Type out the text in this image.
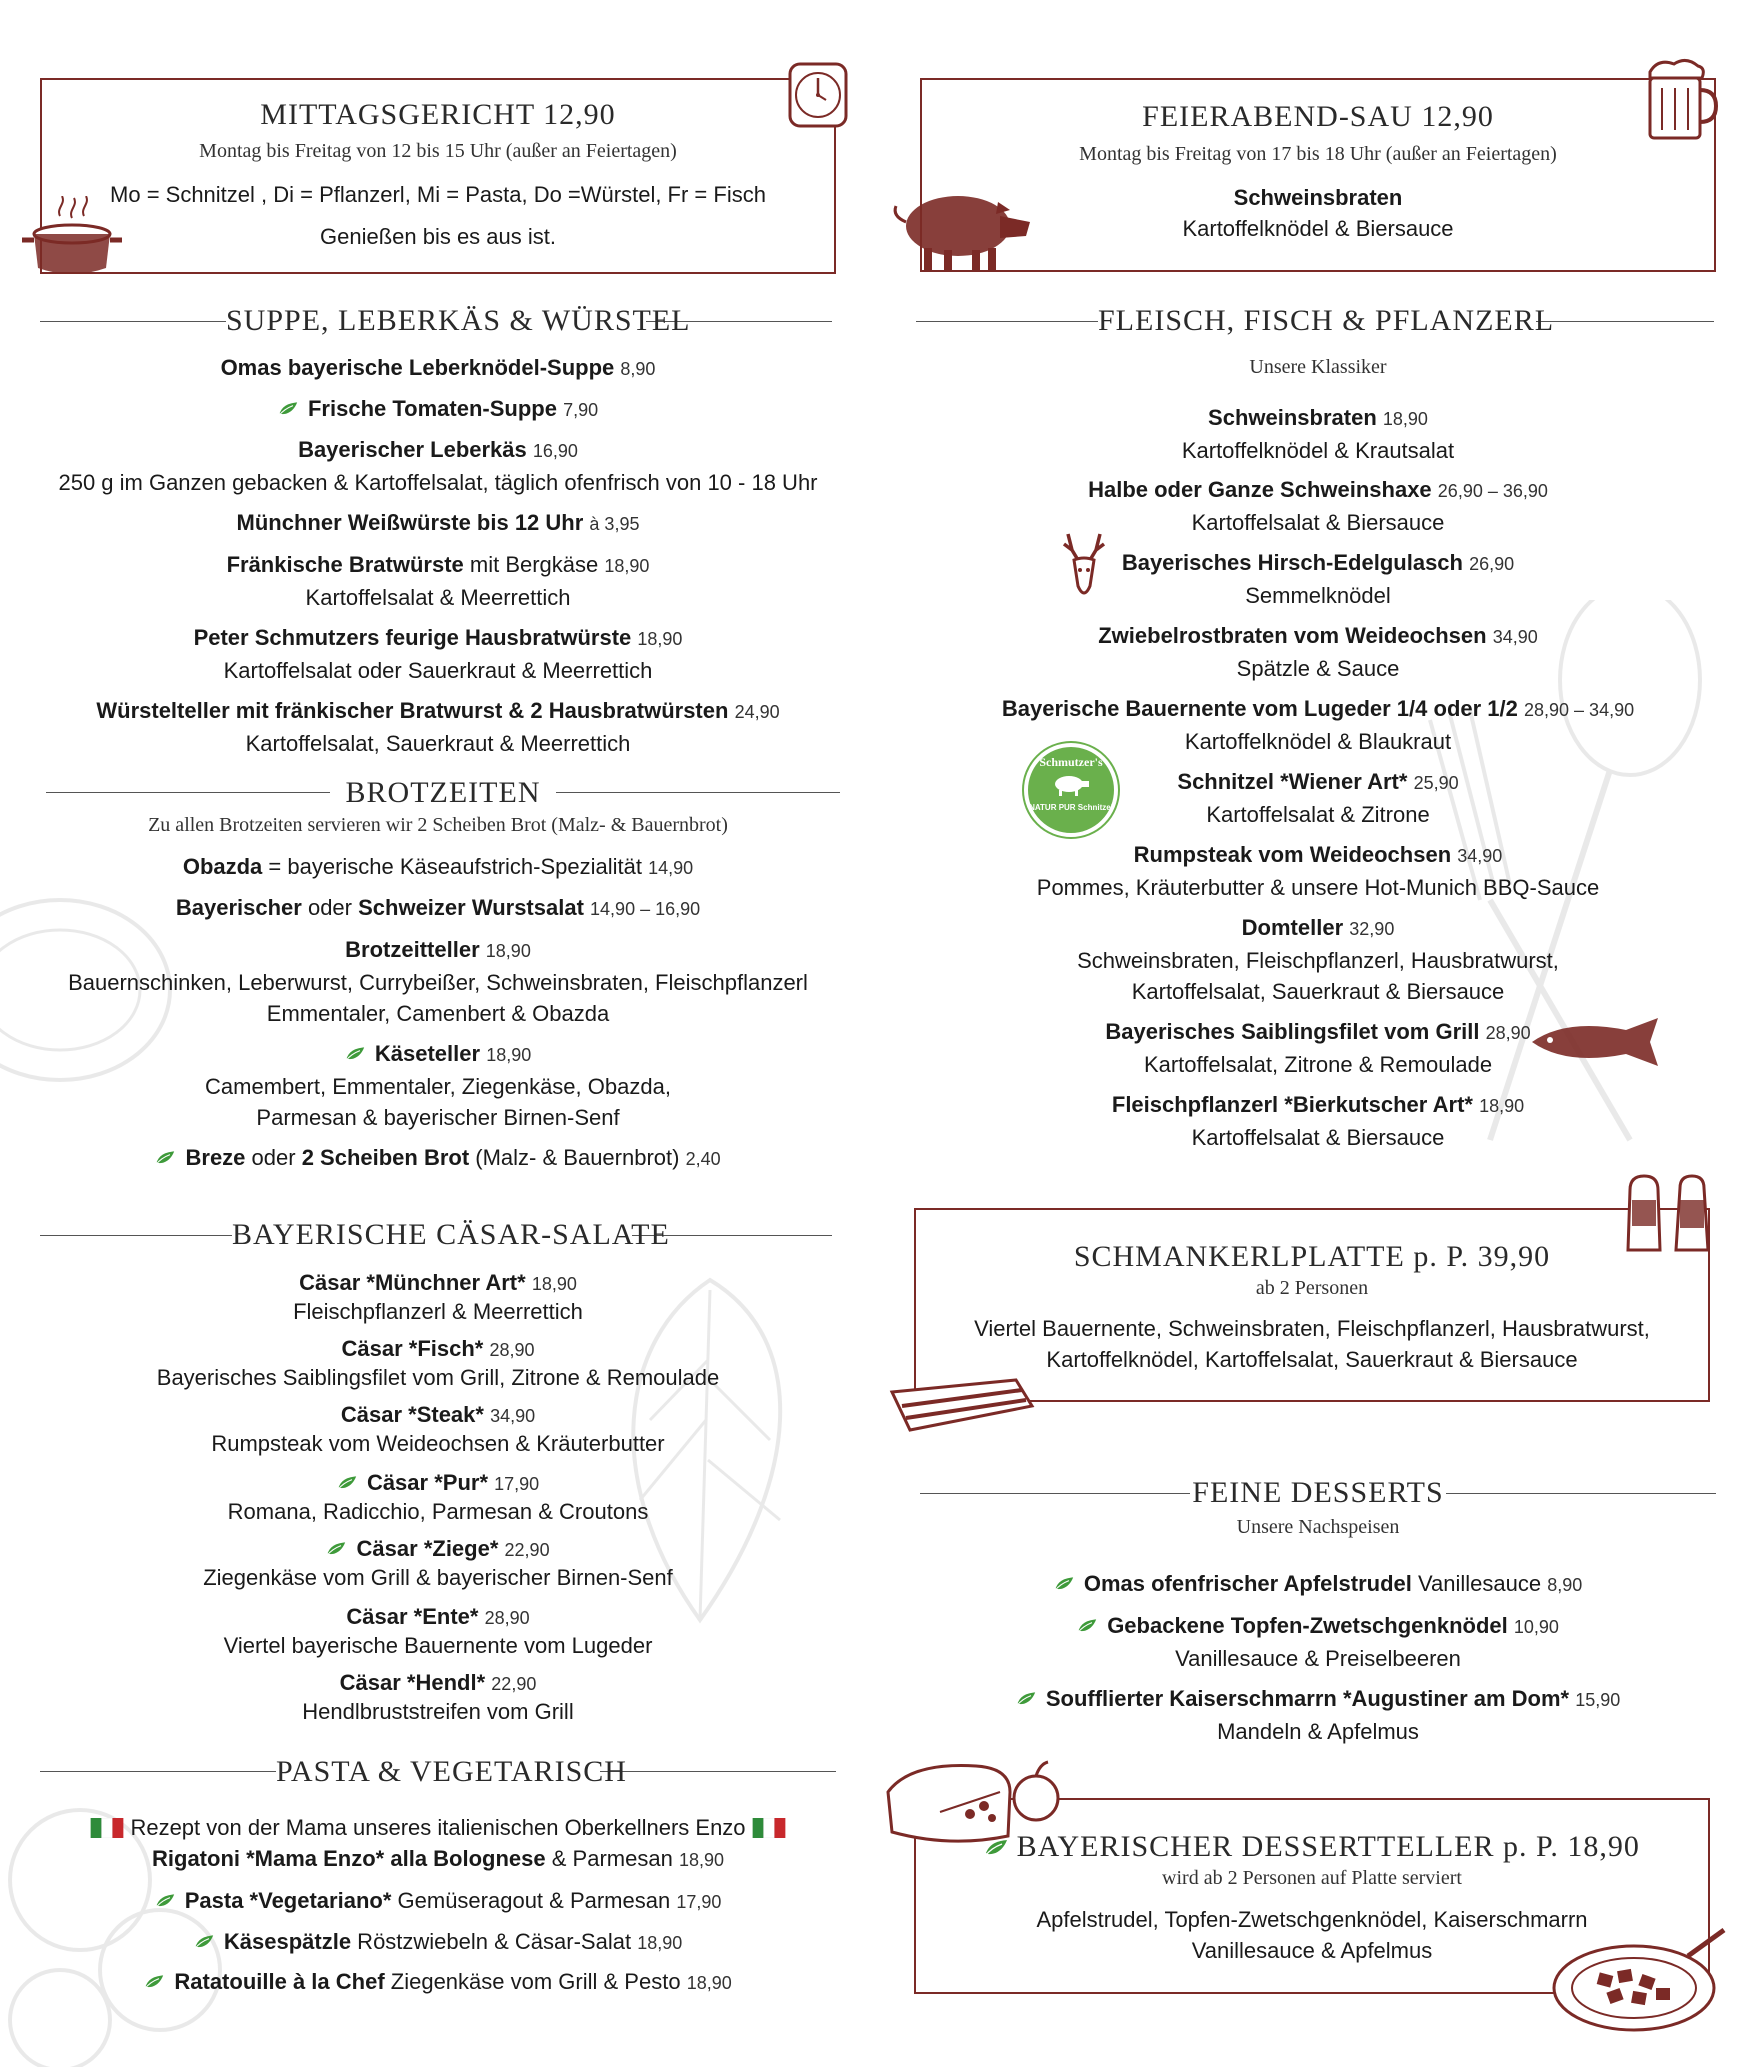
MITTAGSGERICHT 12,90
Montag bis Freitag von 12 bis 15 Uhr (außer an Feiertagen)
Mo = Schnitzel , Di = Pflanzerl, Mi = Pasta, Do =Würstel, Fr = Fisch
Genießen bis es aus ist.
SUPPE, LEBERKÄS & WÜRSTEL
Omas bayerische Leberknödel-Suppe 8,90
Frische Tomaten-Suppe 7,90
Bayerischer Leberkäs 16,90
250 g im Ganzen gebacken & Kartoffelsalat, täglich ofenfrisch von 10 - 18 Uhr
Münchner Weißwürste bis 12 Uhr à 3,95
Fränkische Bratwürste mit Bergkäse 18,90
Kartoffelsalat & Meerrettich
Peter Schmutzers feurige Hausbratwürste 18,90
Kartoffelsalat oder Sauerkraut & Meerrettich
Würstelteller mit fränkischer Bratwurst & 2 Hausbratwürsten 24,90
Kartoffelsalat, Sauerkraut & Meerrettich
BROTZEITEN
Zu allen Brotzeiten servieren wir 2 Scheiben Brot (Malz- & Bauernbrot)
Obazda = bayerische Käseaufstrich-Spezialität 14,90
Bayerischer oder Schweizer Wurstsalat 14,90 – 16,90
Brotzeitteller 18,90
Bauernschinken, Leberwurst, Currybeißer, Schweinsbraten, Fleischpflanzerl
Emmentaler, Camenbert & Obazda
Käseteller 18,90
Camembert, Emmentaler, Ziegenkäse, Obazda,
Parmesan & bayerischer Birnen-Senf
Breze oder 2 Scheiben Brot (Malz- & Bauernbrot) 2,40
BAYERISCHE CÄSAR-SALATE
Cäsar *Münchner Art* 18,90
Fleischpflanzerl & Meerrettich
Cäsar *Fisch* 28,90
Bayerisches Saiblingsfilet vom Grill, Zitrone & Remoulade
Cäsar *Steak* 34,90
Rumpsteak vom Weideochsen & Kräuterbutter
Cäsar *Pur* 17,90
Romana, Radicchio, Parmesan & Croutons
Cäsar *Ziege* 22,90
Ziegenkäse vom Grill & bayerischer Birnen-Senf
Cäsar *Ente* 28,90
Viertel bayerische Bauernente vom Lugeder
Cäsar *Hendl* 22,90
Hendlbruststreifen vom Grill
PASTA & VEGETARISCH
Rezept von der Mama unseres italienischen Oberkellners Enzo
Rigatoni *Mama Enzo* alla Bolognese & Parmesan 18,90
Pasta *Vegetariano* Gemüseragout & Parmesan 17,90
Käsespätzle Röstzwiebeln & Cäsar-Salat 18,90
Ratatouille à la Chef Ziegenkäse vom Grill & Pesto 18,90
FEIERABEND-SAU 12,90
Montag bis Freitag von 17 bis 18 Uhr (außer an Feiertagen)
Schweinsbraten
Kartoffelknödel & Biersauce
FLEISCH, FISCH & PFLANZERL
Unsere Klassiker
Schweinsbraten 18,90
Kartoffelknödel & Krautsalat
Halbe oder Ganze Schweinshaxe 26,90 – 36,90
Kartoffelsalat & Biersauce
Bayerisches Hirsch-Edelgulasch 26,90
Semmelknödel
Zwiebelrostbraten vom Weideochsen 34,90
Spätzle & Sauce
Bayerische Bauernente vom Lugeder 1/4 oder 1/2 28,90 – 34,90
Kartoffelknödel & Blaukraut
Schnitzel *Wiener Art* 25,90
Kartoffelsalat & Zitrone
Rumpsteak vom Weideochsen 34,90
Pommes, Kräuterbutter & unsere Hot-Munich BBQ-Sauce
Domteller 32,90
Schweinsbraten, Fleischpflanzerl, Hausbratwurst,
Kartoffelsalat, Sauerkraut & Biersauce
Bayerisches Saiblingsfilet vom Grill 28,90
Kartoffelsalat, Zitrone & Remoulade
Fleischpflanzerl *Bierkutscher Art* 18,90
Kartoffelsalat & Biersauce
Schmutzer's
NATUR PUR Schnitzel
SCHMANKERLPLATTE p. P. 39,90
ab 2 Personen
Viertel Bauernente, Schweinsbraten, Fleischpflanzerl, Hausbratwurst,
Kartoffelknödel, Kartoffelsalat, Sauerkraut & Biersauce
FEINE DESSERTS
Unsere Nachspeisen
Omas ofenfrischer Apfelstrudel Vanillesauce 8,90
Gebackene Topfen-Zwetschgenknödel 10,90
Vanillesauce & Preiselbeeren
Soufflierter Kaiserschmarrn *Augustiner am Dom* 15,90
Mandeln & Apfelmus
BAYERISCHER DESSERTTELLER p. P. 18,90
wird ab 2 Personen auf Platte serviert
Apfelstrudel, Topfen-Zwetschgenknödel, Kaiserschmarrn
Vanillesauce & Apfelmus
